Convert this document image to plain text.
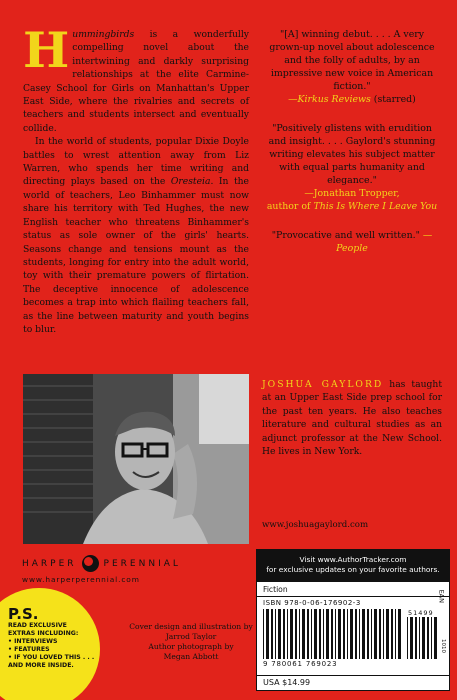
Hummingbirds is a wonderfully compelling novel about the intertwining and darkly surprising relationships at the elite Carmine-Casey School for Girls on Manhattan's Upper East Side, where the rivalries and secrets of teachers and students intersect and eventually collide.

In the world of students, popular Dixie Doyle battles to wrest attention away from Liz Warren, who spends her time writing and directing plays based on the Oresteia. In the world of teachers, Leo Binhammer must now share his territory with Ted Hughes, the new English teacher who threatens Binhammer's status as sole owner of the girls' hearts. Seasons change and tensions mount as the students, longing for entry into the adult world, toy with their premature powers of flirtation. The deceptive innocence of adolescence becomes a trap into which flailing teachers fall, as the line between maturity and youth begins to blur.

"[A] winning debut. . . . A very grown-up novel about adolescence and the folly of adults, by an impressive new voice in American fiction."
—Kirkus Reviews (starred)
"Positively glistens with erudition and insight. . . . Gaylord's stunning writing elevates his subject matter with equal parts humanity and elegance."
—Jonathan Tropper,
author of This Is Where I Leave You
"Provocative and well written." —People
JOSHUA GAYLORD has taught at an Upper East Side prep school for the past ten years. He also teaches literature and cultural studies as an adjunct professor at the New School. He lives in New York.
www.joshuagaylord.com
HARPER	PERENNIAL
www.harperperennial.com
P.S.
READ EXCLUSIVE
EXTRAS INCLUDING:
• INTERVIEWS
• FEATURES
• IF YOU LOVED THIS . . .
AND MORE INSIDE.
Cover design and illustration by
Jarrod Taylor
Author photograph by
Megan Abbott
Visit www.AuthorTracker.com
for exclusive updates on your favorite authors.
Fiction
ISBN 978-0-06-176902-3
51499
9 780061 769023
EAN
1010
USA $14.99
